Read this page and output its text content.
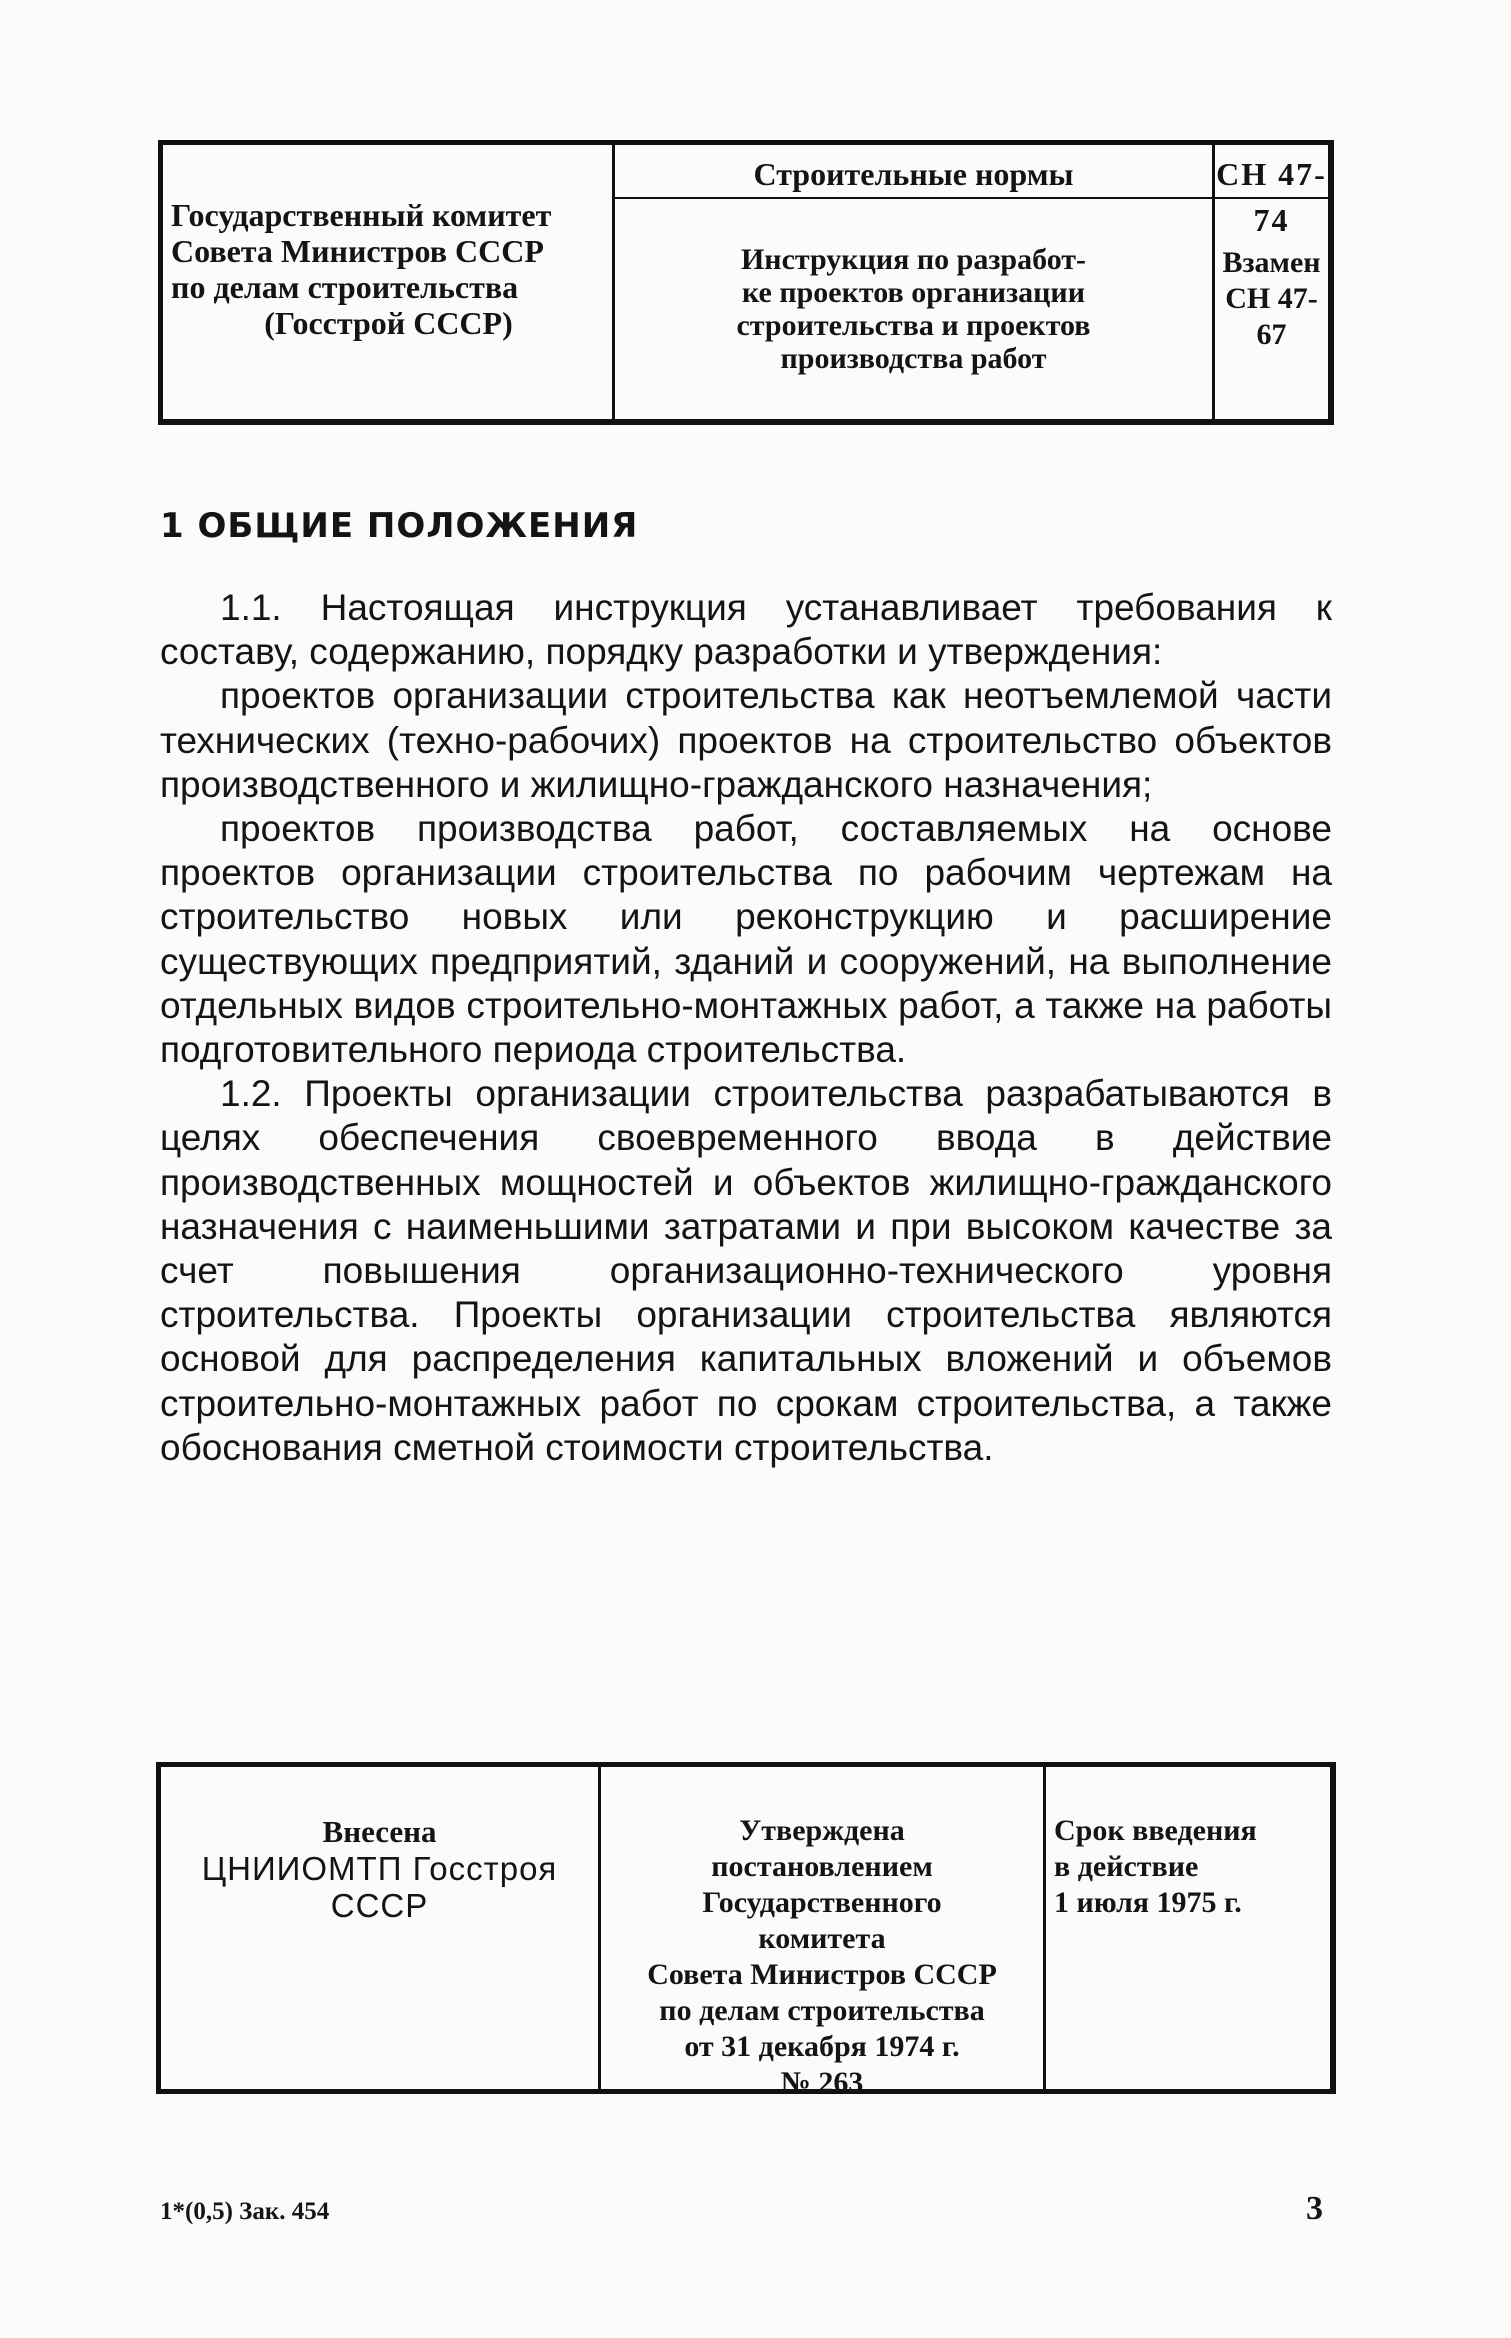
Государственный комитет
Совета Министров СССР
по делам строительства
(Госстрой СССР)
Строительные нормы
Инструкция по разработ-
ке проектов организации
строительства и проектов
производства работ
СН 47-74
Взамен
СН 47-67
1 ОБЩИЕ ПОЛОЖЕНИЯ

1.1. Настоящая инструкция устанавливает требования к составу, содержанию, порядку разработки и утверждения:

проектов организации строительства как неотъемлемой части технических (техно-рабочих) проектов на строительство объектов производственного и жилищно-гражданского назначения;

проектов производства работ, составляемых на основе проектов организации строительства по рабочим чертежам на строительство новых или реконструкцию и расширение существующих предприятий, зданий и сооружений, на выполнение отдельных видов строительно-монтажных работ, а также на работы подготовительного периода строительства.

1.2. Проекты организации строительства разрабатываются в целях обеспечения своевременного ввода в действие производственных мощностей и объектов жилищно-гражданского назначения с наименьшими затратами и при высоком качестве за счет повышения организационно-технического уровня строительства. Проекты организации строительства являются основой для распределения капитальных вложений и объемов строительно-монтажных работ по срокам строительства, а также обоснования сметной стоимости строительства.

Внесена
ЦНИИОМТП Госстроя
СССР
Утверждена
постановлением
Государственного
комитета
Совета Министров СССР
по делам строительства
от 31 декабря 1974 г.
№ 263
Срок введения
в действие
1 июля 1975 г.
1*(0,5) Зак. 454	3
